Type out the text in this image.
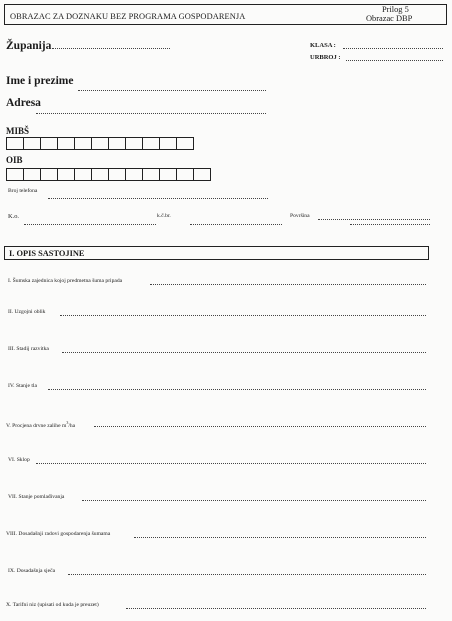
OBRAZAC ZA DOZNAKU BEZ PROGRAMA GOSPODARENJA
Prilog 5
Obrazac DBP
Županija	KLASA :
URBROJ :
Ime i prezime
Adresa
MIBŠ
OIB
Broj telefona
K.o.	k.č.br.	Površina
I. OPIS SASTOJINE
I. Šumska zajednica kojoj predmetna šuma pripada
II. Uzgojni oblik
III. Stadij razvitka
IV. Stanje tla
V. Procjena drvne zalihe $m^3/ha$
VI. Sklop
VII. Stanje pomlađivanja
VIII. Dosadašnji radovi gospodarenja šumama
IX. Dosadašnja sječa
X. Tarifni niz (upisati od kuda je preuzet)
